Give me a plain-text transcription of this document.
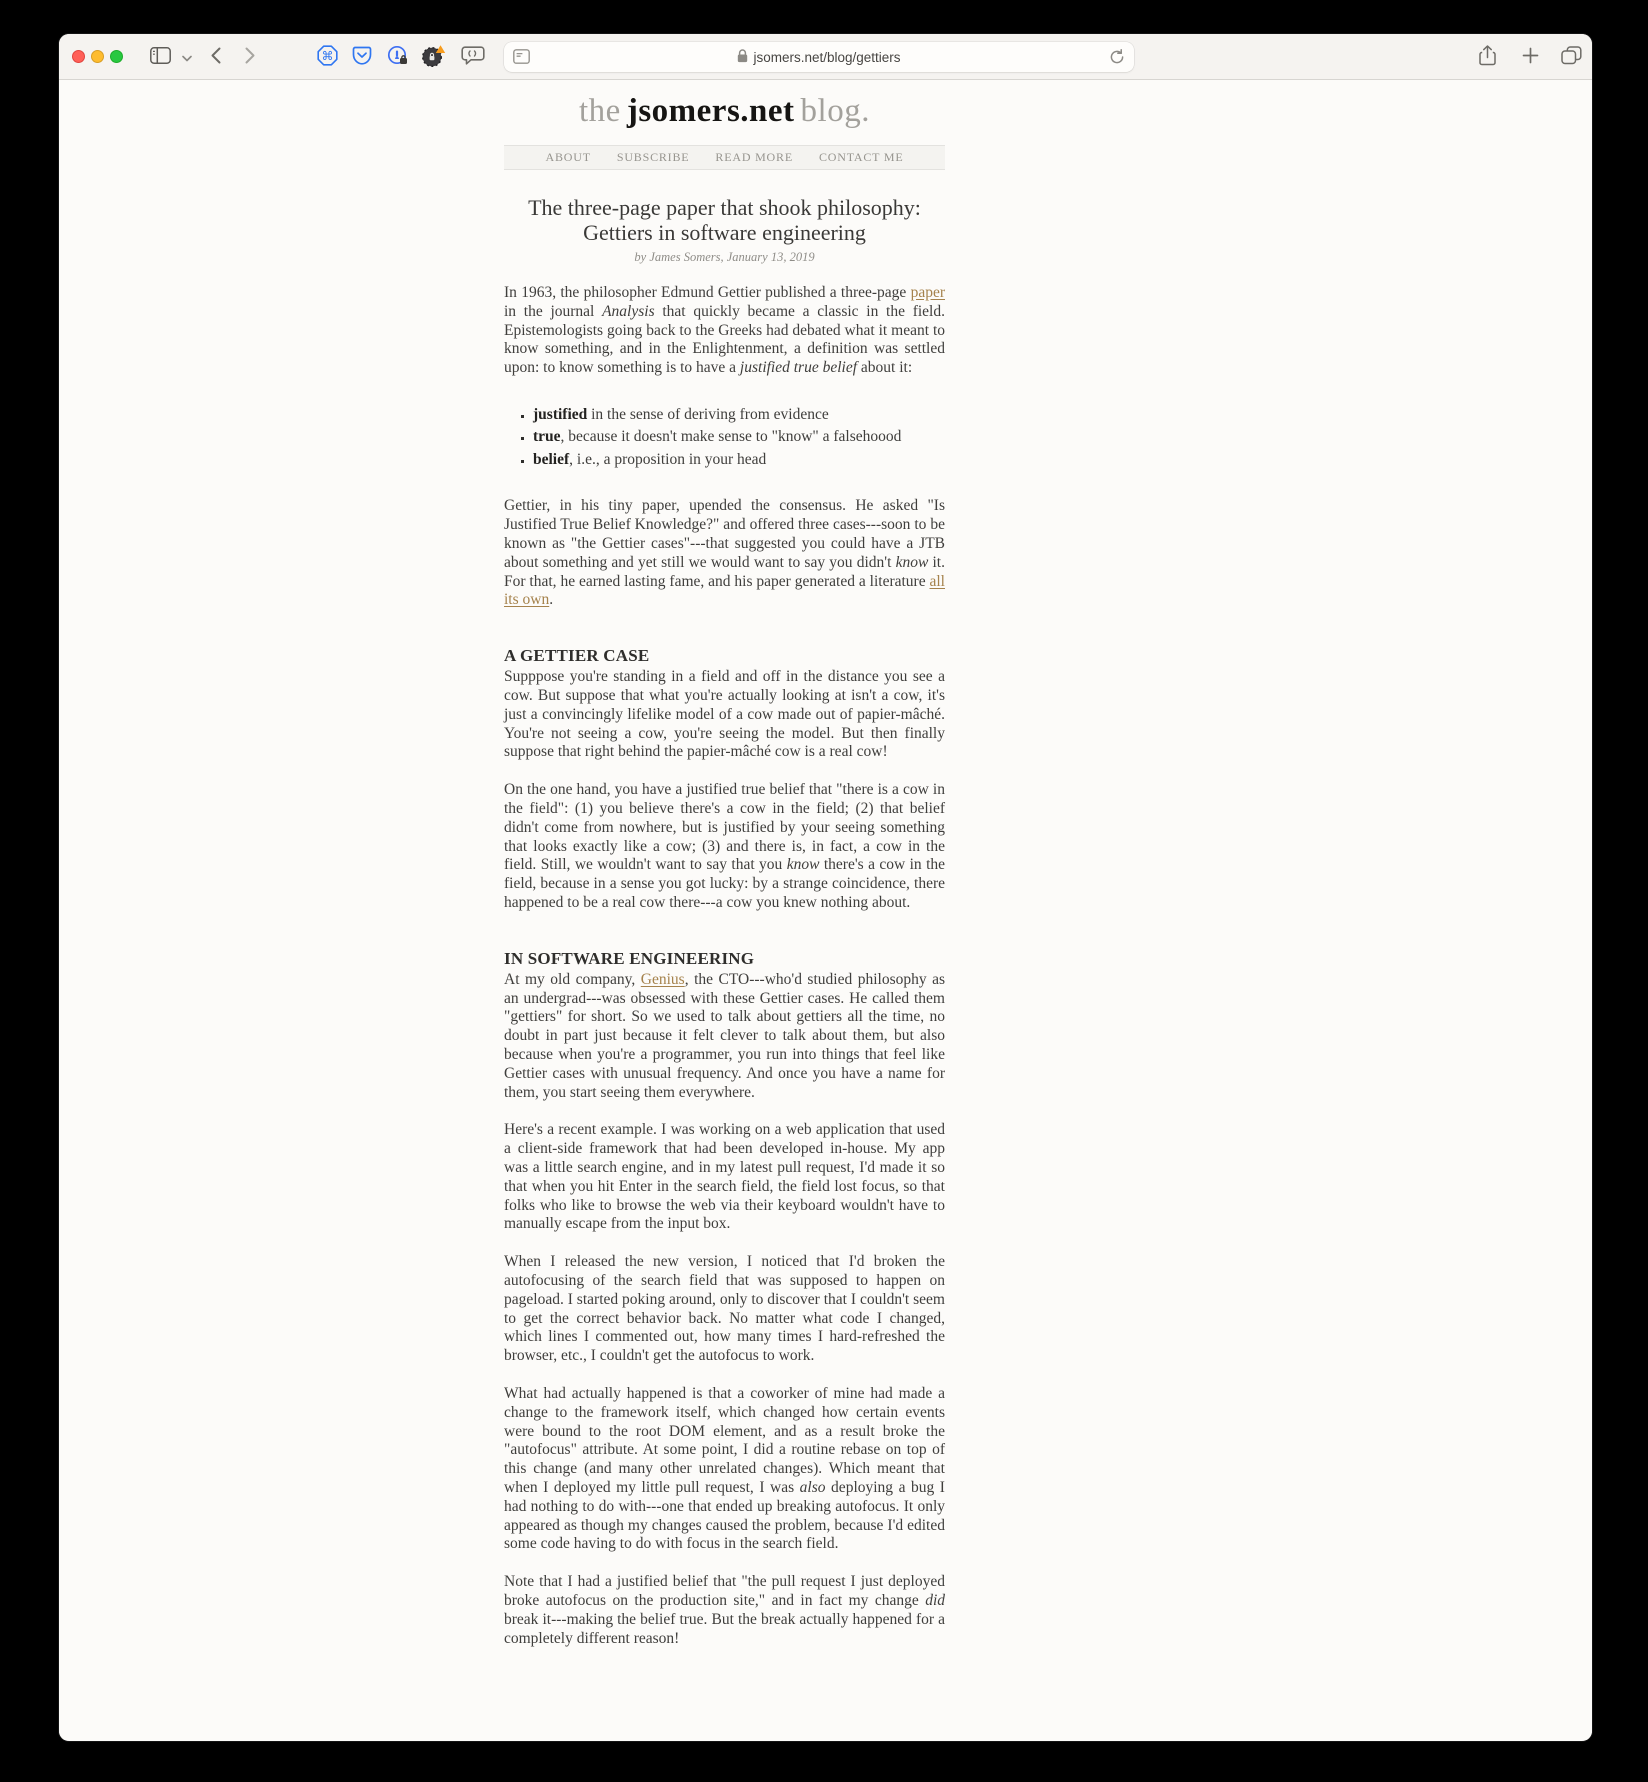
⌘	jsomers.net/blog/gettiers
the jsomers.net blog.
ABOUT SUBSCRIBE READ MORE CONTACT ME
The three-page paper that shook philosophy:
Gettiers in software engineering
by James Somers, January 13, 2019

In 1963, the philosopher Edmund Gettier published a three-page paper in the journal Analysis that quickly became a classic in the field. Epistemologists going back to the Greeks had debated what it meant to know something, and in the Enlightenment, a definition was settled upon: to know something is to have a justified true belief about it:

▪ justified in the sense of deriving from evidence
▪ true, because it doesn't make sense to "know" a falsehoood
▪ belief, i.e., a proposition in your head

Gettier, in his tiny paper, upended the consensus. He asked "Is Justified True Belief Knowledge?" and offered three cases---soon to be known as "the Gettier cases"---that suggested you could have a JTB about something and yet still we would want to say you didn't know it. For that, he earned lasting fame, and his paper generated a literature all its own.

A GETTIER CASE

Supppose you're standing in a field and off in the distance you see a cow. But suppose that what you're actually looking at isn't a cow, it's just a convincingly lifelike model of a cow made out of papier-mâché. You're not seeing a cow, you're seeing the model. But then finally suppose that right behind the papier-mâché cow is a real cow!

On the one hand, you have a justified true belief that "there is a cow in the field": (1) you believe there's a cow in the field; (2) that belief didn't come from nowhere, but is justified by your seeing something that looks exactly like a cow; (3) and there is, in fact, a cow in the field. Still, we wouldn't want to say that you know there's a cow in the field, because in a sense you got lucky: by a strange coincidence, there happened to be a real cow there---a cow you knew nothing about.

IN SOFTWARE ENGINEERING

At my old company, Genius, the CTO---who'd studied philosophy as an undergrad---was obsessed with these Gettier cases. He called them "gettiers" for short. So we used to talk about gettiers all the time, no doubt in part just because it felt clever to talk about them, but also because when you're a programmer, you run into things that feel like Gettier cases with unusual frequency. And once you have a name for them, you start seeing them everywhere.

Here's a recent example. I was working on a web application that used a client-side framework that had been developed in-house. My app was a little search engine, and in my latest pull request, I'd made it so that when you hit Enter in the search field, the field lost focus, so that folks who like to browse the web via their keyboard wouldn't have to manually escape from the input box.

When I released the new version, I noticed that I'd broken the autofocusing of the search field that was supposed to happen on pageload. I started poking around, only to discover that I couldn't seem to get the correct behavior back. No matter what code I changed, which lines I commented out, how many times I hard-refreshed the browser, etc., I couldn't get the autofocus to work.

What had actually happened is that a coworker of mine had made a change to the framework itself, which changed how certain events were bound to the root DOM element, and as a result broke the "autofocus" attribute. At some point, I did a routine rebase on top of this change (and many other unrelated changes). Which meant that when I deployed my little pull request, I was also deploying a bug I had nothing to do with---one that ended up breaking autofocus. It only appeared as though my changes caused the problem, because I'd edited some code having to do with focus in the search field.

Note that I had a justified belief that "the pull request I just deployed broke autofocus on the production site," and in fact my change did break it---making the belief true. But the break actually happened for a completely different reason!
